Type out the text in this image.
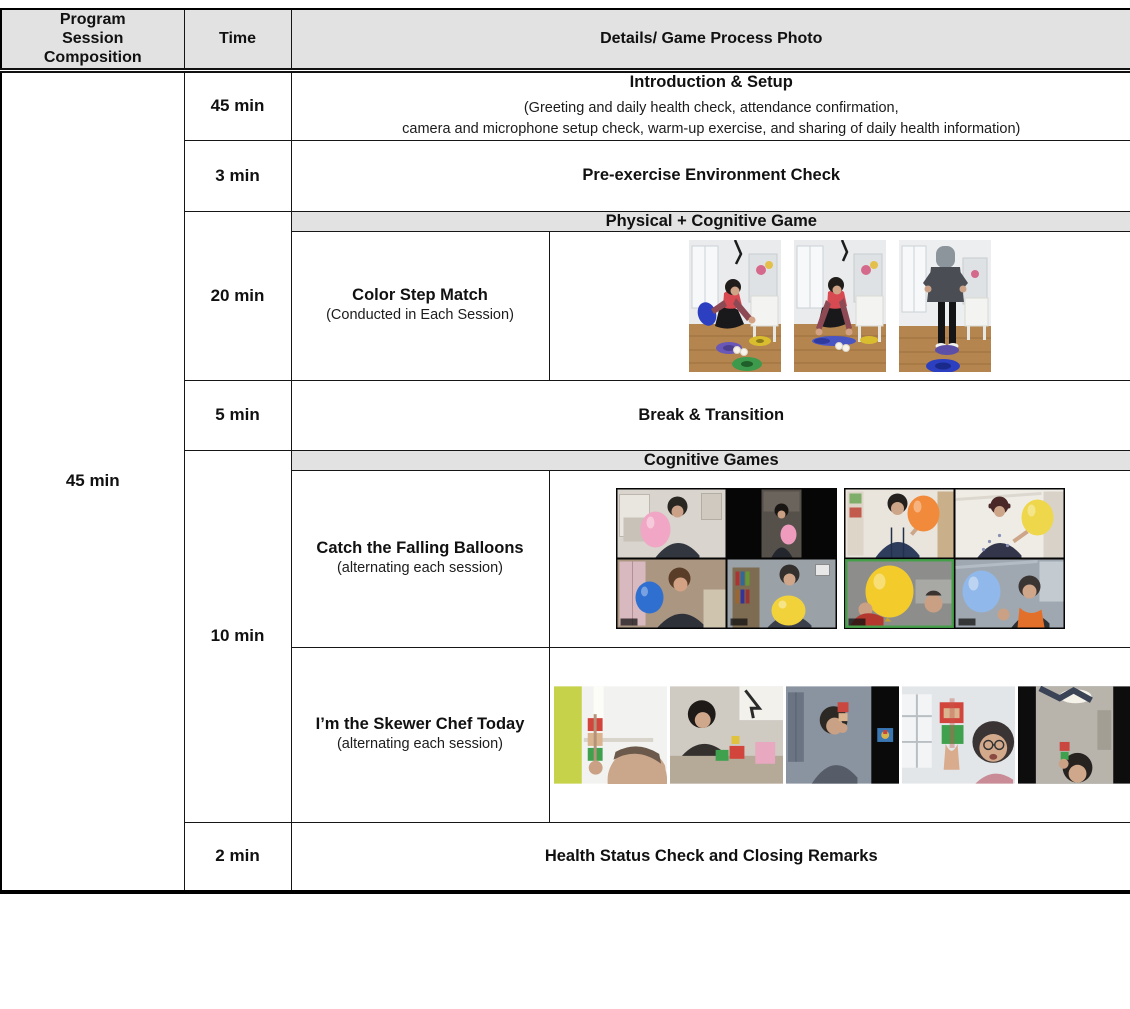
Program Session Composition	Time	Details/ Game Process Photo	
45 min	45 min	Introduction & Setup
(Greeting and daily health check, attendance confirmation,
camera and microphone setup check, warm-up exercise, and sharing of daily health information)	

	3 min	Pre-exercise Environment Check	
	20 min	Physical + Cognitive Game	

		Color Step Match
(Conducted in Each Session)

	5 min	Break & Transition	
	10 min	Cognitive Games	

		Catch the Falling Balloons
(alternating each session)

		I’m the Skewer Chef Today
(alternating each session)

	2 min	Health Status Check and Closing Remarks	
